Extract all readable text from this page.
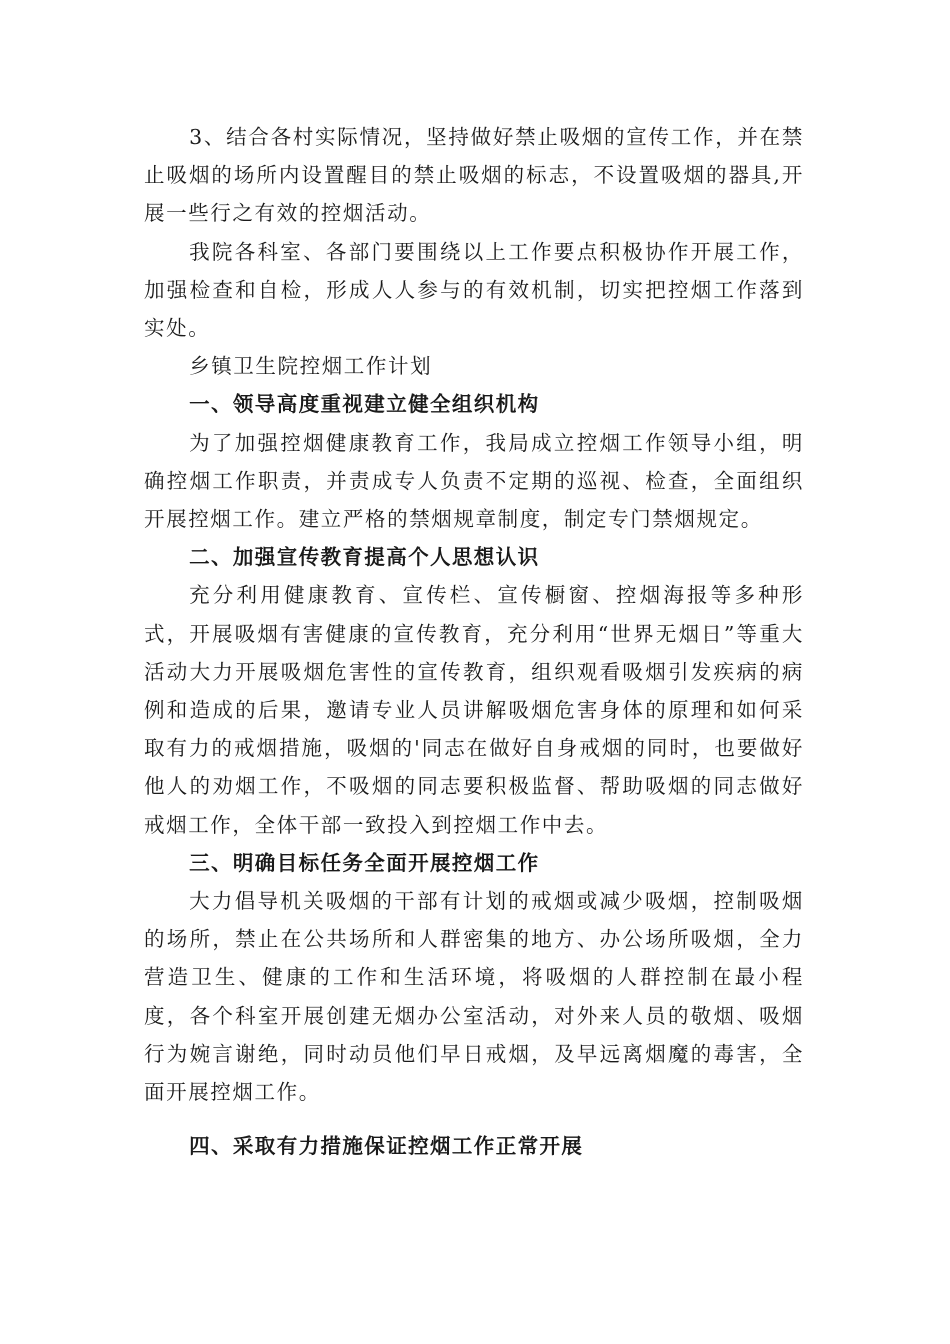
3、结合各村实际情况，坚持做好禁止吸烟的宣传工作，并在禁止吸烟的场所内设置醒目的禁止吸烟的标志，不设置吸烟的器具,开展一些行之有效的控烟活动。

我院各科室、各部门要围绕以上工作要点积极协作开展工作，加强检查和自检，形成人人参与的有效机制，切实把控烟工作落到实处。

乡镇卫生院控烟工作计划

一、领导高度重视建立健全组织机构

为了加强控烟健康教育工作，我局成立控烟工作领导小组，明确控烟工作职责，并责成专人负责不定期的巡视、检查，全面组织开展控烟工作。建立严格的禁烟规章制度，制定专门禁烟规定。

二、加强宣传教育提高个人思想认识

充分利用健康教育、宣传栏、宣传橱窗、控烟海报等多种形式，开展吸烟有害健康的宣传教育，充分利用“世界无烟日”等重大活动大力开展吸烟危害性的宣传教育，组织观看吸烟引发疾病的病例和造成的后果，邀请专业人员讲解吸烟危害身体的原理和如何采取有力的戒烟措施，吸烟的'同志在做好自身戒烟的同时，也要做好他人的劝烟工作，不吸烟的同志要积极监督、帮助吸烟的同志做好戒烟工作，全体干部一致投入到控烟工作中去。

三、明确目标任务全面开展控烟工作

大力倡导机关吸烟的干部有计划的戒烟或减少吸烟，控制吸烟的场所，禁止在公共场所和人群密集的地方、办公场所吸烟，全力营造卫生、健康的工作和生活环境，将吸烟的人群控制在最小程度，各个科室开展创建无烟办公室活动，对外来人员的敬烟、吸烟行为婉言谢绝，同时动员他们早日戒烟，及早远离烟魔的毒害，全面开展控烟工作。

四、采取有力措施保证控烟工作正常开展
